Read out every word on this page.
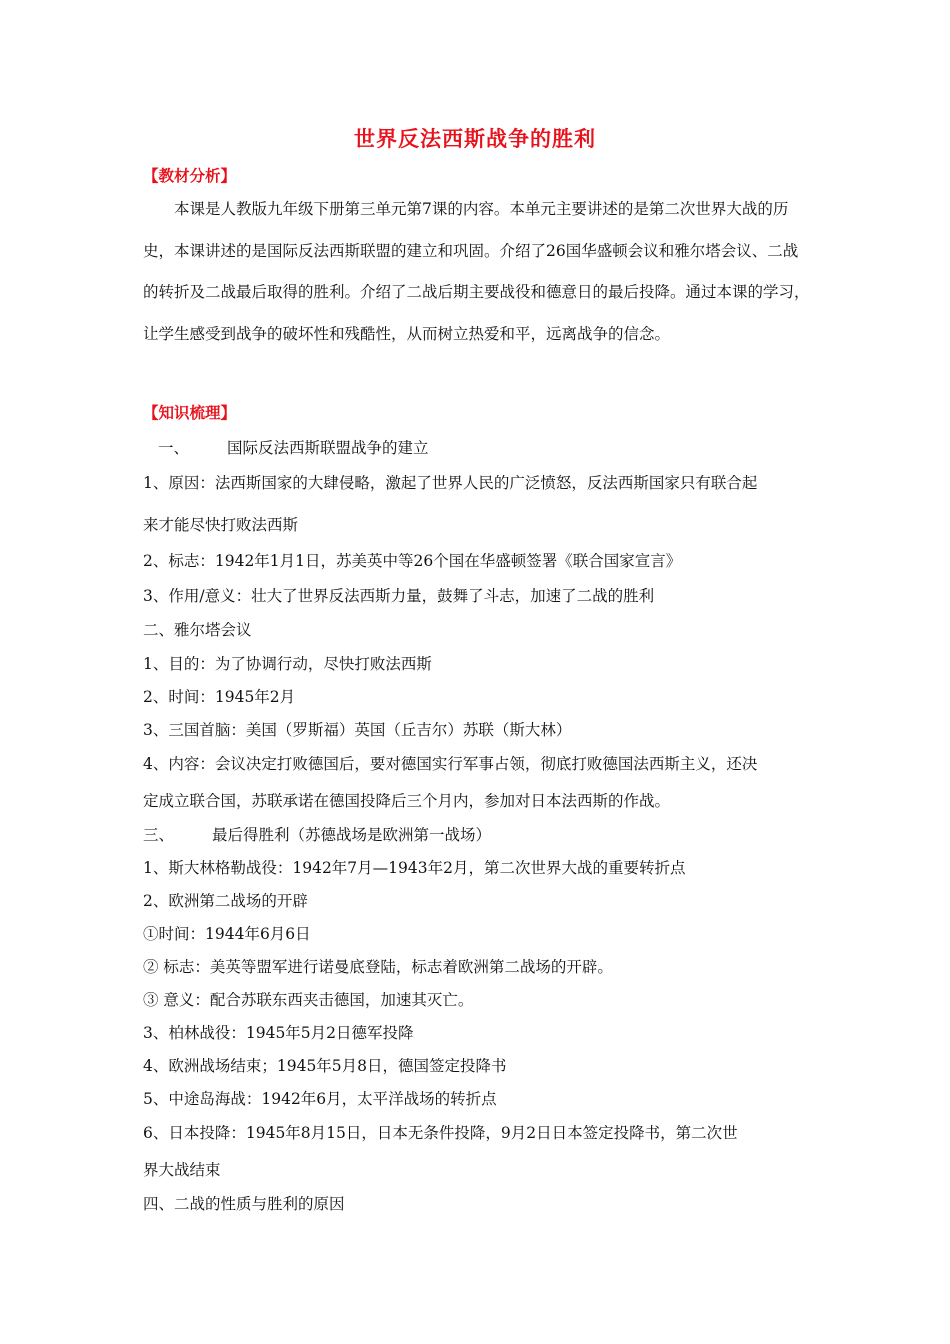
世界反法西斯战争的胜利
【教材分析】

本课是人教版九年级下册第三单元第7课的内容。本单元主要讲述的是第二次世界大战的历史，本课讲述的是国际反法西斯联盟的建立和巩固。介绍了26国华盛顿会议和雅尔塔会议、二战的转折及二战最后取得的胜利。介绍了二战后期主要战役和德意日的最后投降。通过本课的学习，让学生感受到战争的破坏性和残酷性，从而树立热爱和平，远离战争的信念。

【知识梳理】
一、 国际反法西斯联盟战争的建立
1、原因：法西斯国家的大肆侵略，激起了世界人民的广泛愤怒，反法西斯国家只有联合起
来才能尽快打败法西斯
2、标志：1942年1月1日，苏美英中等26个国在华盛顿签署《联合国家宣言》
3、作用/意义：壮大了世界反法西斯力量，鼓舞了斗志，加速了二战的胜利
二、雅尔塔会议
1、目的：为了协调行动，尽快打败法西斯
2、时间：1945年2月
3、三国首脑：美国（罗斯福）英国（丘吉尔）苏联（斯大林）
4、内容：会议决定打败德国后，要对德国实行军事占领，彻底打败德国法西斯主义，还决
定成立联合国，苏联承诺在德国投降后三个月内，参加对日本法西斯的作战。
三、 最后得胜利（苏德战场是欧洲第一战场）
1、斯大林格勒战役：1942年7月—1943年2月，第二次世界大战的重要转折点
2、欧洲第二战场的开辟
①时间：1944年6月6日
② 标志：美英等盟军进行诺曼底登陆，标志着欧洲第二战场的开辟。
③ 意义：配合苏联东西夹击德国，加速其灭亡。
3、柏林战役：1945年5月2日德军投降
4、欧洲战场结束；1945年5月8日，德国签定投降书
5、中途岛海战：1942年6月，太平洋战场的转折点
6、日本投降：1945年8月15日，日本无条件投降，9月2日日本签定投降书，第二次世
界大战结束
四、二战的性质与胜利的原因
